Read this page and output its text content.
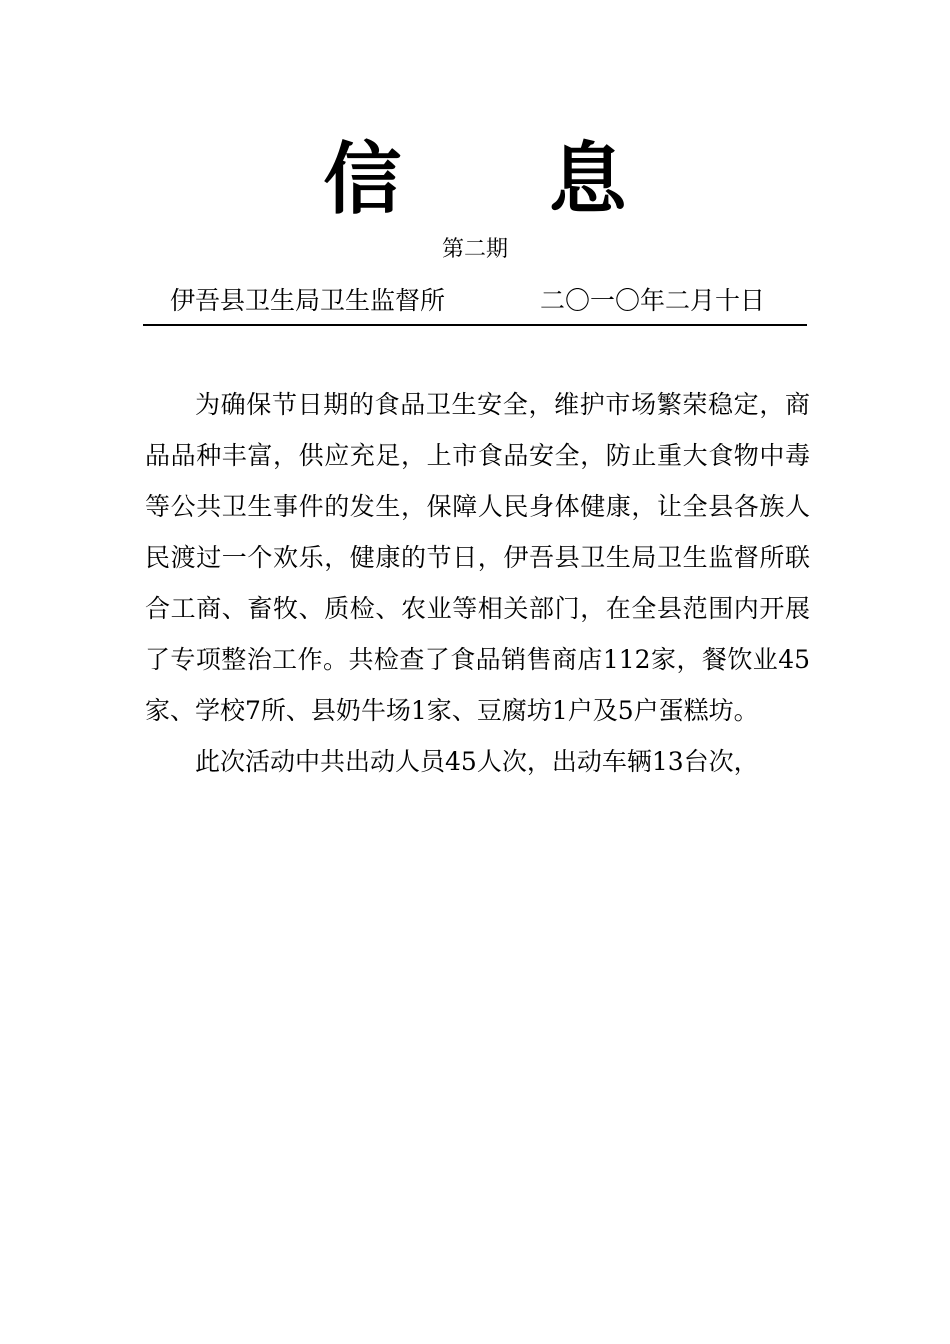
信 息
第二期
伊吾县卫生局卫生监督所	二〇一〇年二月十日

为确保节日期的食品卫生安全，维护市场繁荣稳定，商品品种丰富，供应充足，上市食品安全，防止重大食物中毒等公共卫生事件的发生，保障人民身体健康，让全县各族人民渡过一个欢乐，健康的节日，伊吾县卫生局卫生监督所联合工商、畜牧、质检、农业等相关部门，在全县范围内开展了专项整治工作。共检查了食品销售商店112家，餐饮业45家、学校7所、县奶牛场1家、豆腐坊1户及5户蛋糕坊。

此次活动中共出动人员45人次，出动车辆13台次，
